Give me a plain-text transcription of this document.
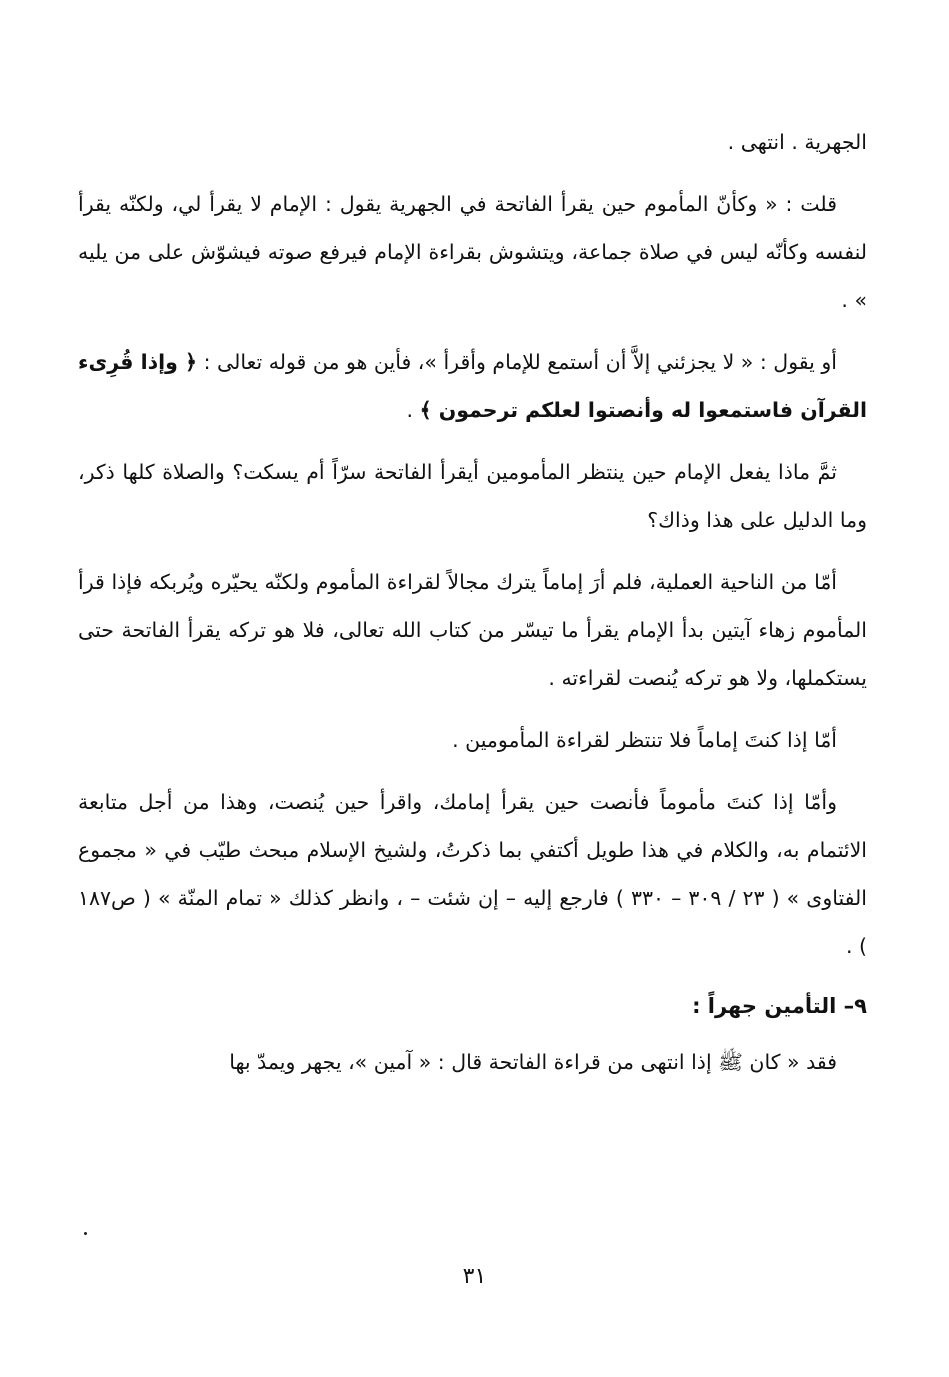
الجهرية . انتهى .

قلت : « وكأنّ المأموم حين يقرأ الفاتحة في الجهرية يقول : الإمام لا يقرأ لي، ولكنّه يقرأ لنفسه وكأنّه ليس في صلاة جماعة، ويتشوش بقراءة الإمام فيرفع صوته فيشوّش على من يليه » .

أو يقول : « لا يجزئني إلاَّ أن أستمع للإمام وأقرأ »، فأين هو من قوله تعالى : ﴿ وإذا قُرِىء القرآن فاستمعوا له وأنصتوا لعلكم ترحمون ﴾ .

ثمَّ ماذا يفعل الإمام حين ينتظر المأمومين أيقرأ الفاتحة سرّاً أم يسكت؟ والصلاة كلها ذكر، وما الدليل على هذا وذاك؟

أمّا من الناحية العملية، فلم أرَ إماماً يترك مجالاً لقراءة المأموم ولكنّه يحيّره ويُربكه فإذا قرأ المأموم زهاء آيتين بدأ الإمام يقرأ ما تيسّر من كتاب الله تعالى، فلا هو تركه يقرأ الفاتحة حتى يستكملها، ولا هو تركه يُنصت لقراءته .

أمّا إذا كنتَ إماماً فلا تنتظر لقراءة المأمومين .

وأمّا إذا كنتَ مأموماً فأنصت حين يقرأ إمامك، واقرأ حين يُنصت، وهذا من أجل متابعة الائتمام به، والكلام في هذا طويل أكتفي بما ذكرتُ، ولشيخ الإسلام مبحث طيّب في « مجموع الفتاوى » ( ٢٣ / ٣٠٩ – ٣٣٠ ) فارجع إليه – إن شئت – ، وانظر كذلك « تمام المنّة » ( ص١٨٧ ) .

٩– التأمين جهراً :

فقد « كان ﷺ إذا انتهى من قراءة الفاتحة قال : « آمين »، يجهر ويمدّ بها

٣١
